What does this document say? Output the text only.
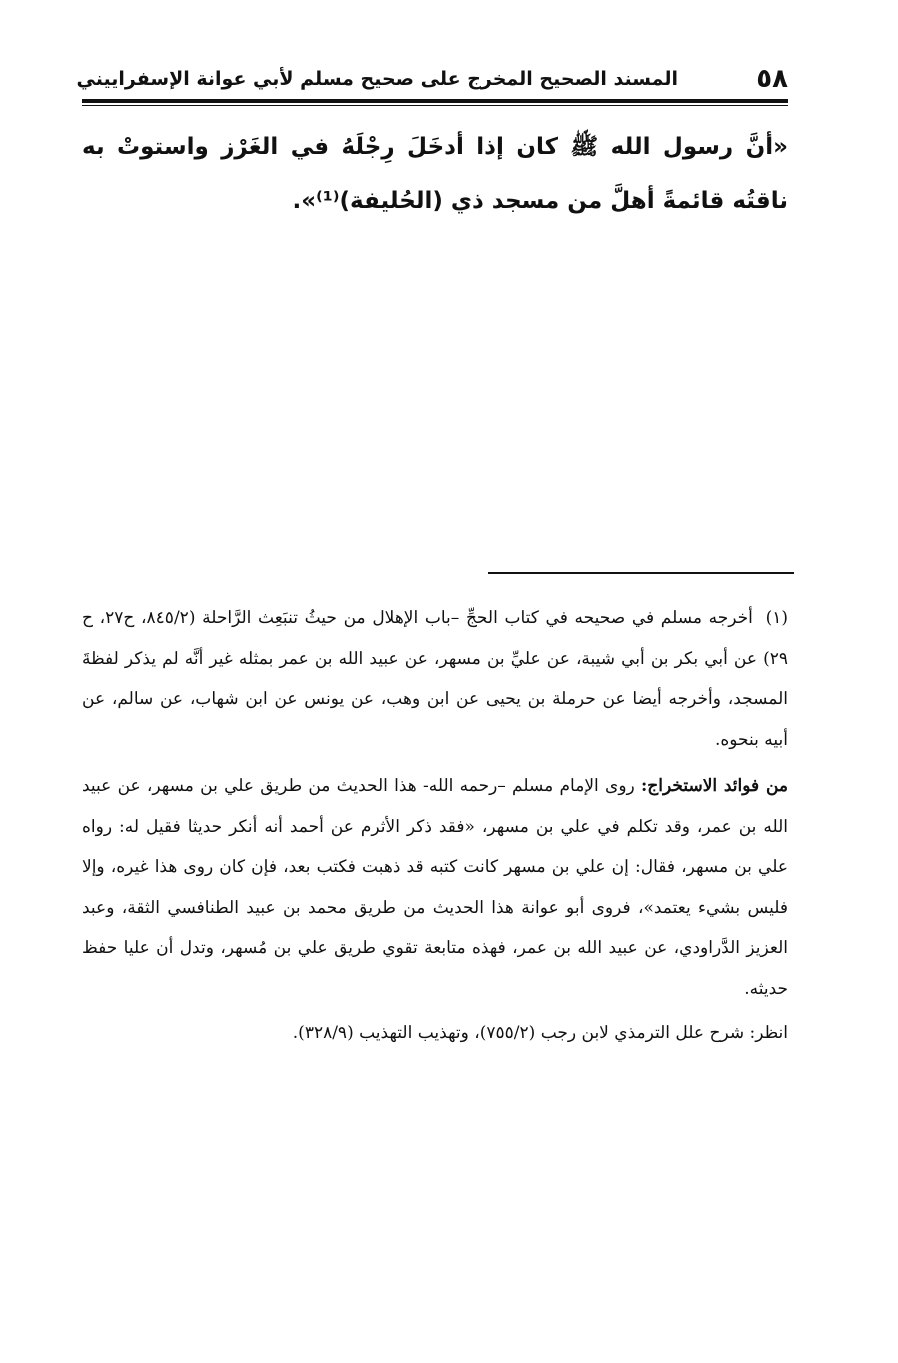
٥٨
المسند الصحيح المخرج على صحيح مسلم لأبي عوانة الإسفراييني
«أنَّ رسول الله ﷺ كان إذا أدخَلَ رِجْلَهُ في الغَرْز واستوتْ به ناقتُه قائمةً أهلَّ من مسجد ذي (الحُليفة)⁽¹⁾».

(١) أخرجه مسلم في صحيحه في كتاب الحجِّ –باب الإهلال من حيثُ تنبَعِث الرَّاحلة (٨٤٥/٢، ح٢٧، ح ٢٩) عن أبي بكر بن أبي شيبة، عن عليِّ بن مسهر، عن عبيد الله بن عمر بمثله غير أنَّه لم يذكر لفظةَ المسجد، وأخرجه أيضا عن حرملة بن يحيى عن ابن وهب، عن يونس عن ابن شهاب، عن سالم، عن أبيه بنحوه.

من فوائد الاستخراج: روى الإمام مسلم –رحمه الله- هذا الحديث من طريق علي بن مسهر، عن عبيد الله بن عمر، وقد تكلم في علي بن مسهر، «فقد ذكر الأثرم عن أحمد أنه أنكر حديثا فقيل له: رواه علي بن مسهر، فقال: إن علي بن مسهر كانت كتبه قد ذهبت فكتب بعد، فإن كان روى هذا غيره، وإلا فليس بشيء يعتمد»، فروى أبو عوانة هذا الحديث من طريق محمد بن عبيد الطنافسي الثقة، وعبد العزيز الدَّراودي، عن عبيد الله بن عمر، فهذه متابعة تقوي طريق علي بن مُسهر، وتدل أن عليا حفظ حديثه.

انظر: شرح علل الترمذي لابن رجب (٧٥٥/٢)، وتهذيب التهذيب (٣٢٨/٩).
